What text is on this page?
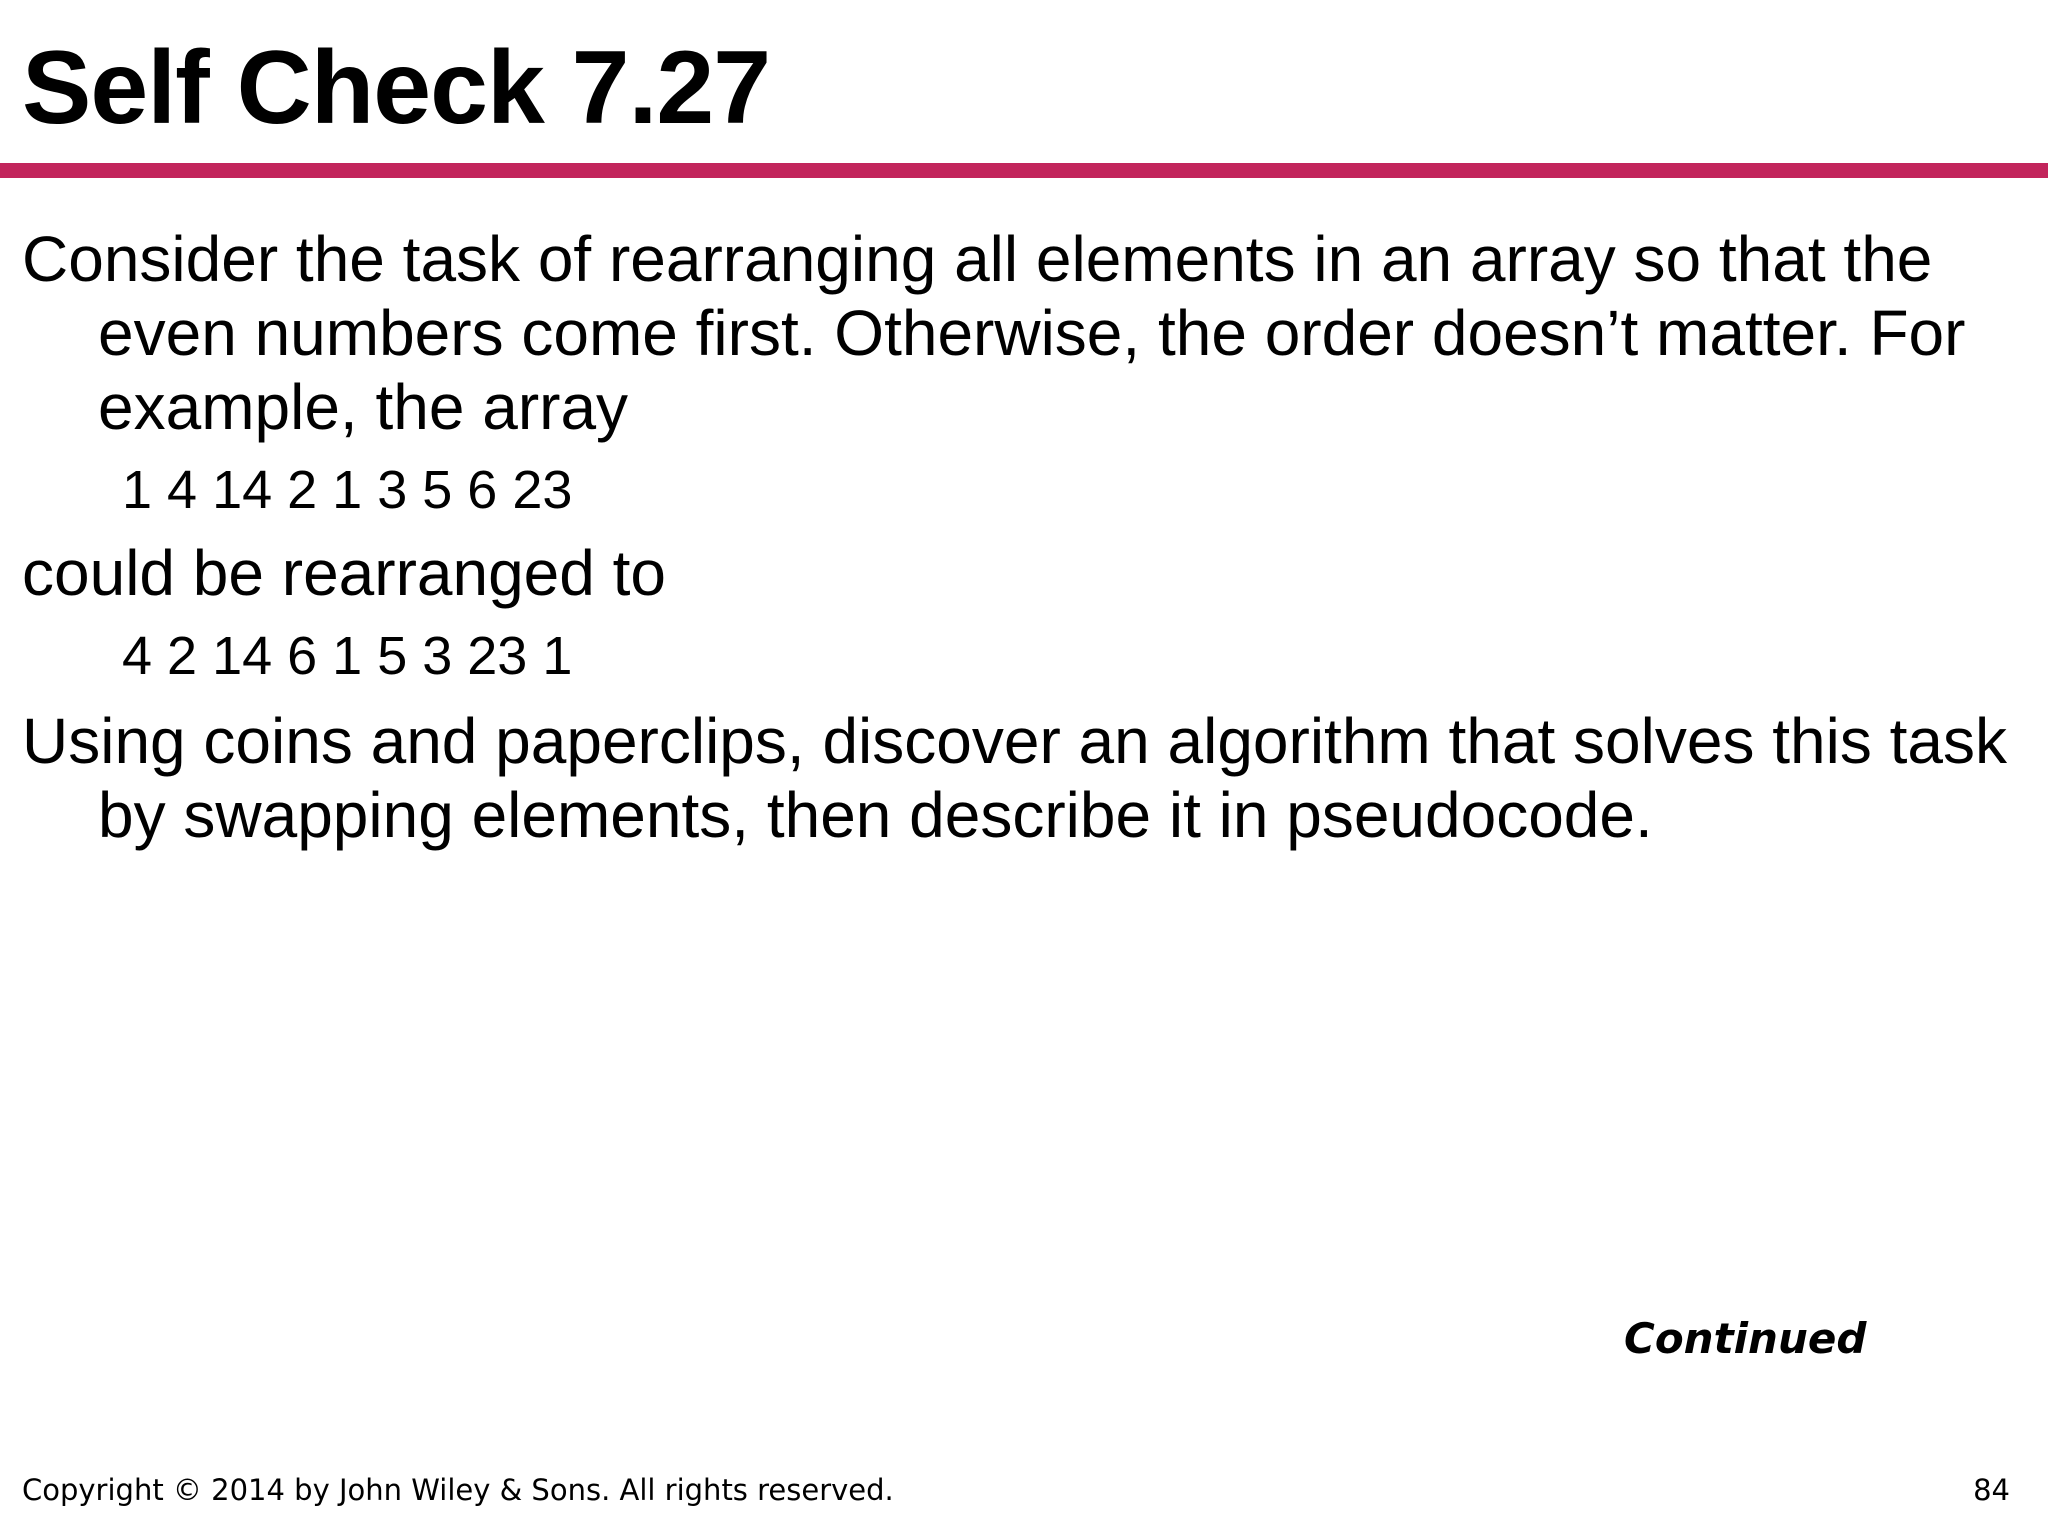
Self Check 7.27

Consider the task of rearranging all elements in an array so that the even numbers come first. Otherwise, the order doesn’t matter. For example, the array

1 4 14 2 1 3 5 6 23

could be rearranged to

4 2 14 6 1 5 3 23 1

Using coins and paperclips, discover an algorithm that solves this task by swapping elements, then describe it in pseudocode.

Continued
Copyright © 2014 by John Wiley & Sons. All rights reserved.	84
